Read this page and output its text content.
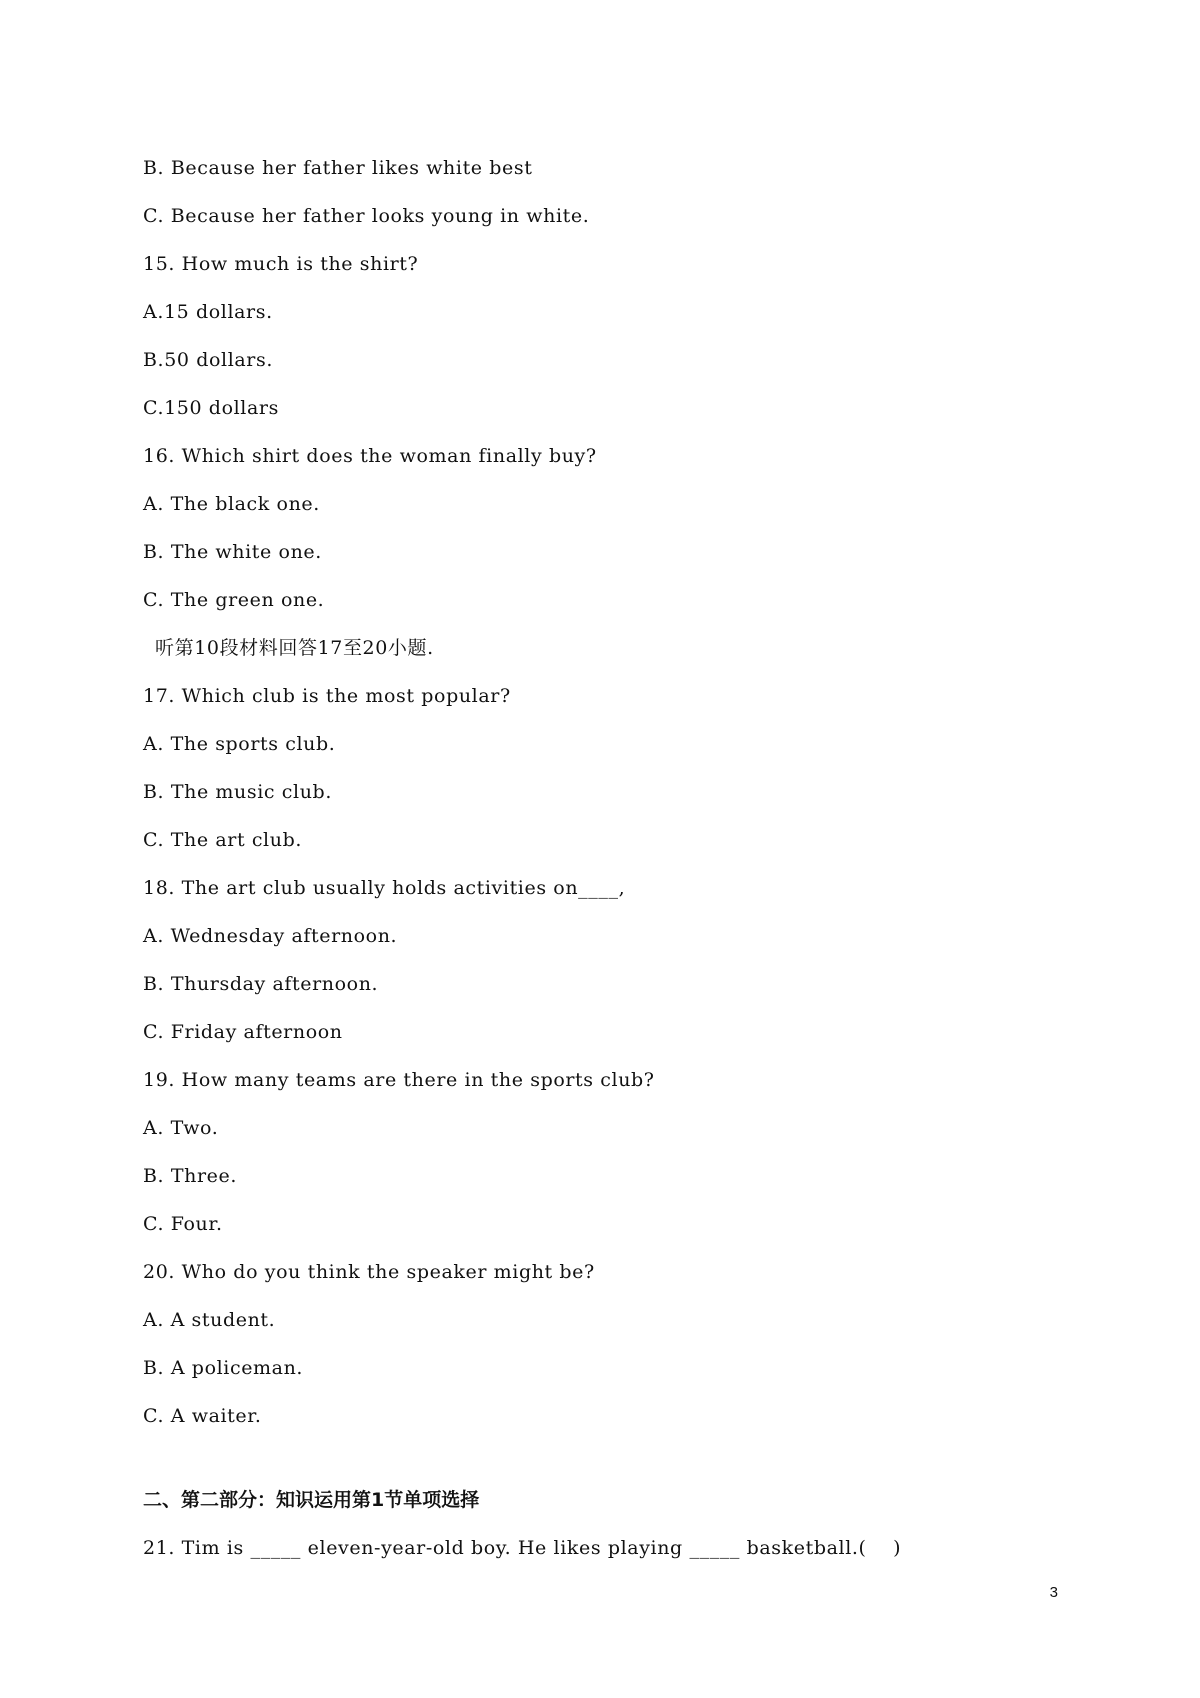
B. Because her father likes white best
C. Because her father looks young in white.
15. How much is the shirt?
A.15 dollars.
B.50 dollars.
C.150 dollars
16. Which shirt does the woman finally buy?
A. The black one.
B. The white one.
C. The green one.
听第10段材料回答17至20小题.
17. Which club is the most popular?
A. The sports club.
B. The music club.
C. The art club.
18. The art club usually holds activities on____,
A. Wednesday afternoon.
B. Thursday afternoon.
C. Friday afternoon
19. How many teams are there in the sports club?
A. Two.
B. Three.
C. Four.
20. Who do you think the speaker might be?
A. A student.
B. A policeman.
C. A waiter.
二、第二部分：知识运用第1节单项选择
21. Tim is _____ eleven-year-old boy. He likes playing _____ basketball.(    )
3
